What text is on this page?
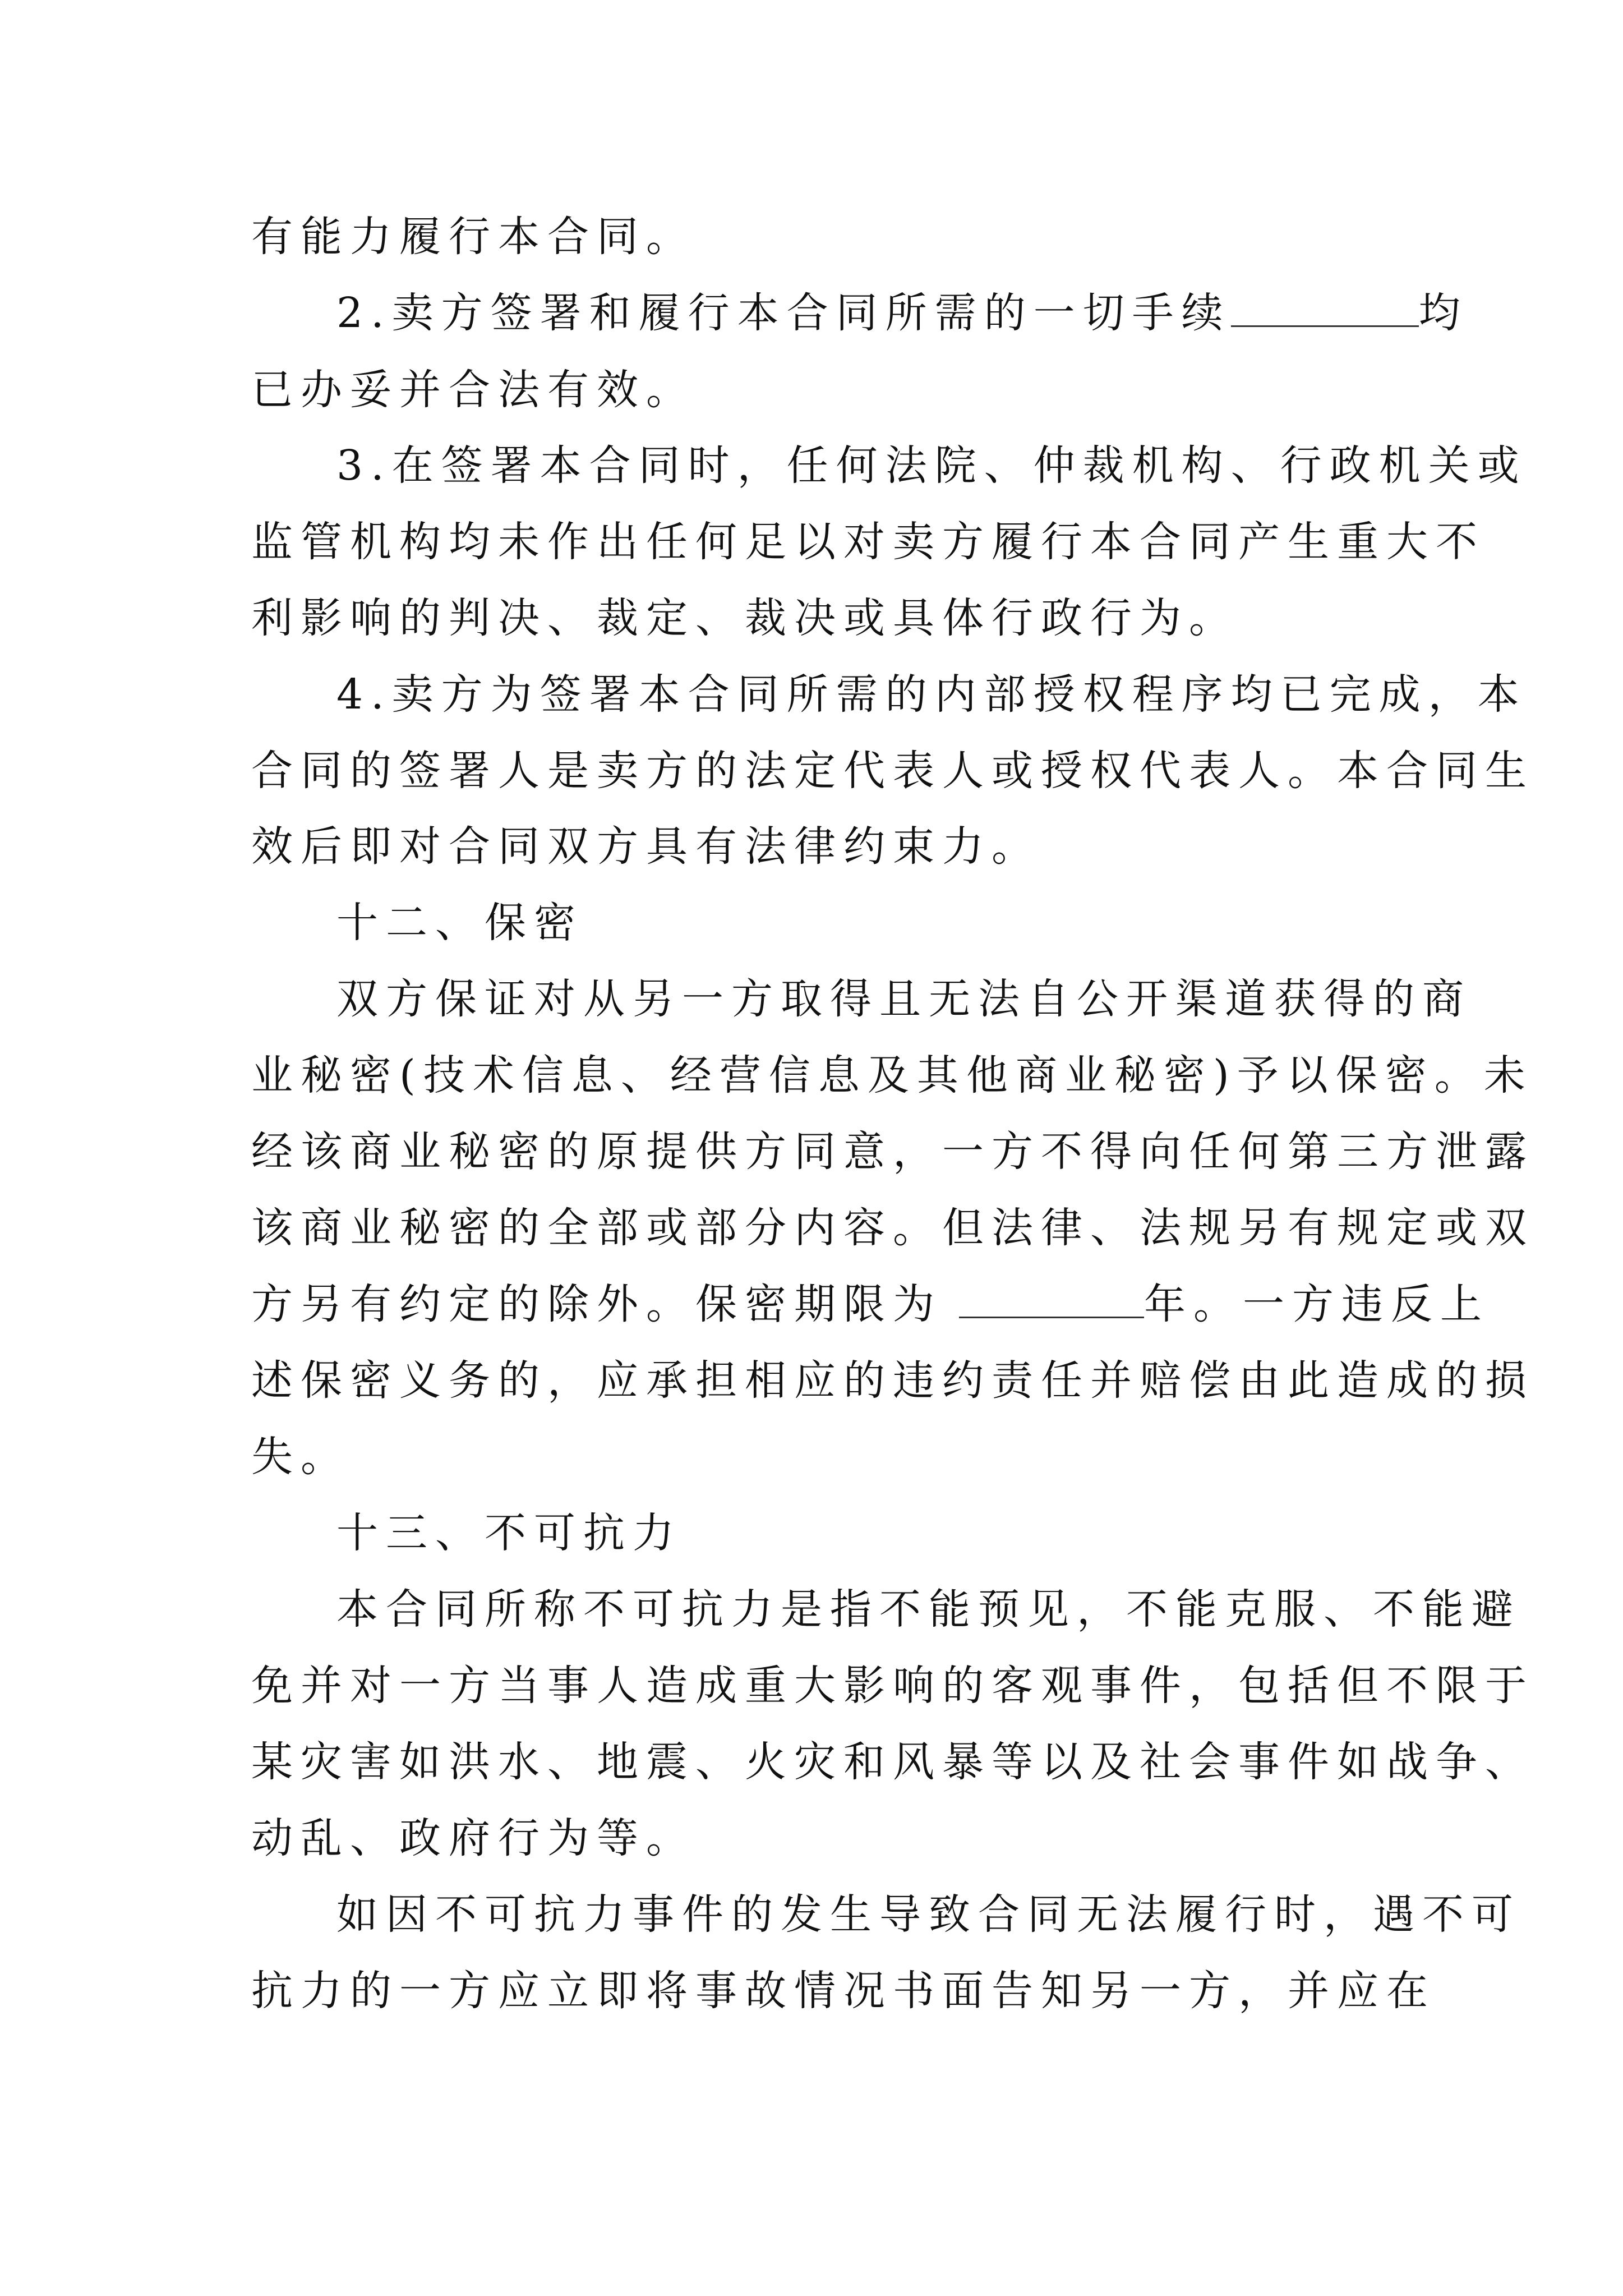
有能力履行本合同。
2.卖方签署和履行本合同所需的一切手续	均
已办妥并合法有效。
3.在签署本合同时，任何法院、仲裁机构、行政机关或
监管机构均未作出任何足以对卖方履行本合同产生重大不
利影响的判决、裁定、裁决或具体行政行为。
4.卖方为签署本合同所需的内部授权程序均已完成，本
合同的签署人是卖方的法定代表人或授权代表人。本合同生
效后即对合同双方具有法律约束力。
十二、保密
双方保证对从另一方取得且无法自公开渠道获得的商
业秘密(技术信息、经营信息及其他商业秘密)予以保密。未
经该商业秘密的原提供方同意，一方不得向任何第三方泄露
该商业秘密的全部或部分内容。但法律、法规另有规定或双
方另有约定的除外。保密期限为	年。一方违反上
述保密义务的，应承担相应的违约责任并赔偿由此造成的损
失。
十三、不可抗力
本合同所称不可抗力是指不能预见，不能克服、不能避
免并对一方当事人造成重大影响的客观事件，包括但不限于
某灾害如洪水、地震、火灾和风暴等以及社会事件如战争、
动乱、政府行为等。
如因不可抗力事件的发生导致合同无法履行时，遇不可
抗力的一方应立即将事故情况书面告知另一方，并应在
